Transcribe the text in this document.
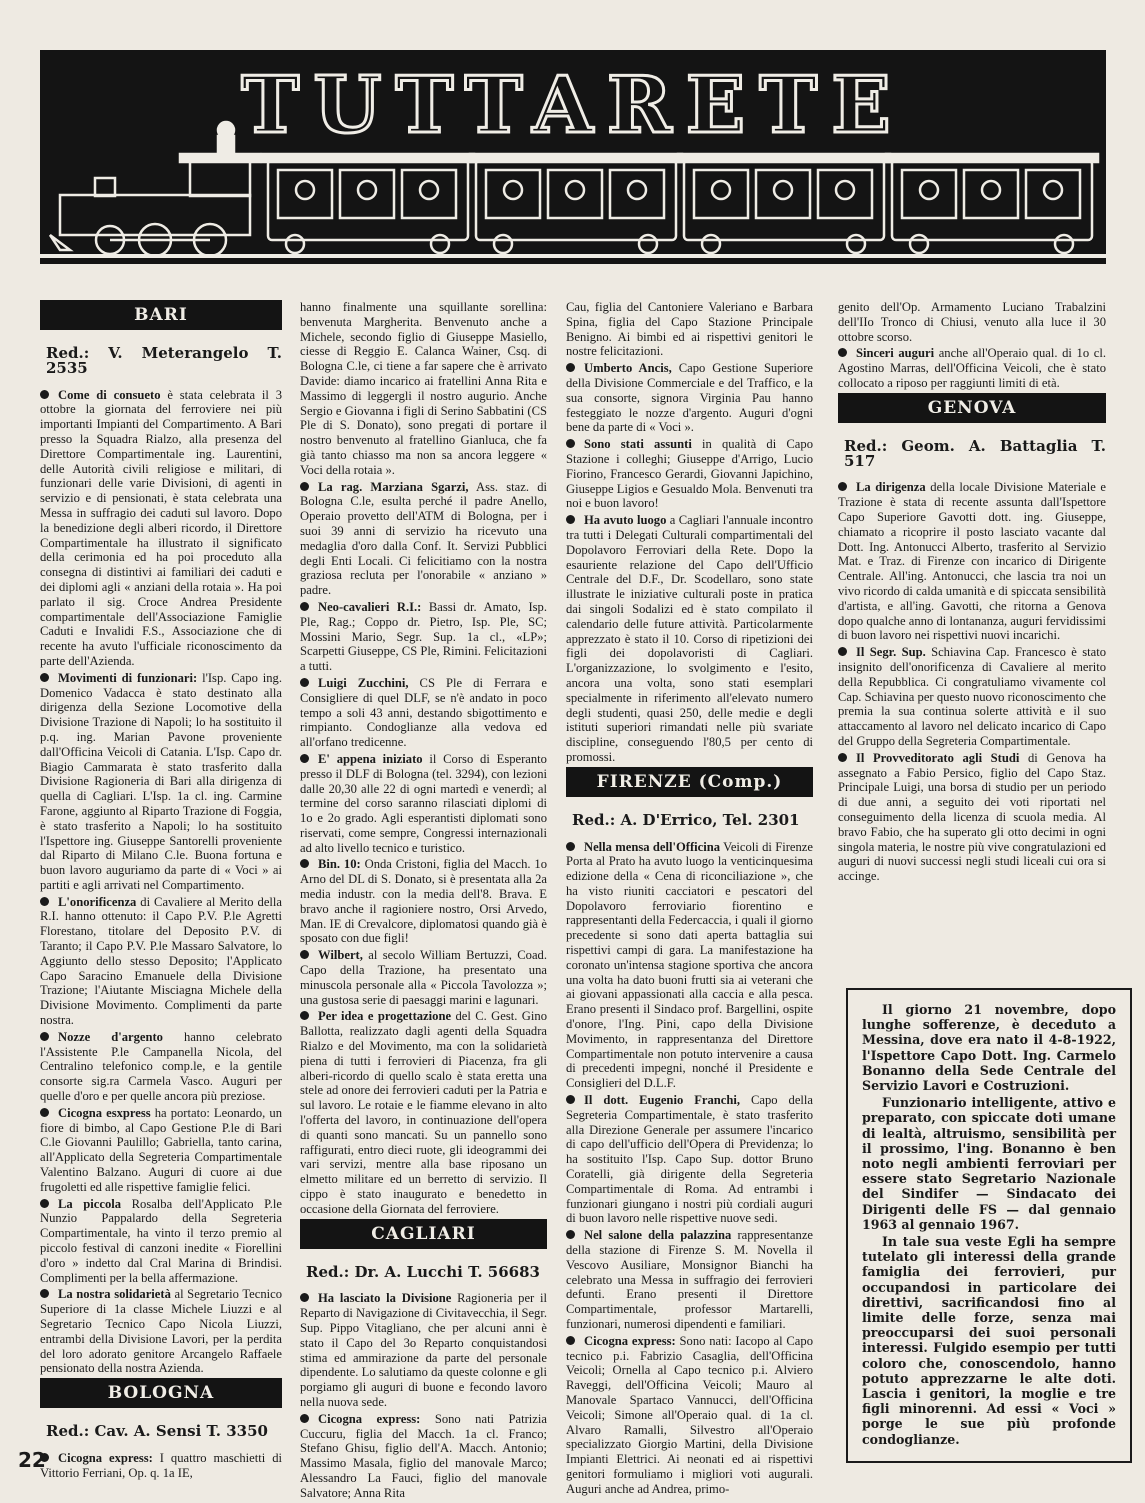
TUTTARETE
BARI
Red.: V. Meterangelo T. 2535

Come di consueto è stata celebrata il 3 ottobre la giornata del ferroviere nei più importanti Impianti del Compartimento. A Bari presso la Squadra Rialzo, alla presenza del Direttore Compartimentale ing. Laurentini, delle Autorità civili religiose e militari, di funzionari delle varie Divisioni, di agenti in servizio e di pensionati, è stata celebrata una Messa in suffragio dei caduti sul lavoro. Dopo la benedizione degli alberi ricordo, il Direttore Compartimentale ha illustrato il significato della cerimonia ed ha poi proceduto alla consegna di distintivi ai familiari dei caduti e dei diplomi agli « anziani della rotaia ». Ha poi parlato il sig. Croce Andrea Presidente compartimentale dell'Associazione Famiglie Caduti e Invalidi F.S., Associazione che di recente ha avuto l'ufficiale riconoscimento da parte dell'Azienda.

Movimenti di funzionari: l'Isp. Capo ing. Domenico Vadacca è stato destinato alla dirigenza della Sezione Locomotive della Divisione Trazione di Napoli; lo ha sostituito il p.q. ing. Marian Pavone proveniente dall'Officina Veicoli di Catania. L'Isp. Capo dr. Biagio Cammarata è stato trasferito dalla Divisione Ragioneria di Bari alla dirigenza di quella di Cagliari. L'Isp. 1a cl. ing. Carmine Farone, aggiunto al Riparto Trazione di Foggia, è stato trasferito a Napoli; lo ha sostituito l'Ispettore ing. Giuseppe Santorelli proveniente dal Riparto di Milano C.le. Buona fortuna e buon lavoro auguriamo da parte di « Voci » ai partiti e agli arrivati nel Compartimento.

L'onorificenza di Cavaliere al Merito della R.I. hanno ottenuto: il Capo P.V. P.le Agretti Florestano, titolare del Deposito P.V. di Taranto; il Capo P.V. P.le Massaro Salvatore, lo Aggiunto dello stesso Deposito; l'Applicato Capo Saracino Emanuele della Divisione Trazione; l'Aiutante Misciagna Michele della Divisione Movimento. Complimenti da parte nostra.

Nozze d'argento hanno celebrato l'Assistente P.le Campanella Nicola, del Centralino telefonico comp.le, e la gentile consorte sig.ra Carmela Vasco. Auguri per quelle d'oro e per quelle ancora più preziose.

Cicogna esxpress ha portato: Leonardo, un fiore di bimbo, al Capo Gestione P.le di Bari C.le Giovanni Paulillo; Gabriella, tanto carina, all'Applicato della Segreteria Compartimentale Valentino Balzano. Auguri di cuore ai due frugoletti ed alle rispettive famiglie felici.

La piccola Rosalba dell'Applicato P.le Nunzio Pappalardo della Segreteria Compartimentale, ha vinto il terzo premio al piccolo festival di canzoni inedite « Fiorellini d'oro » indetto dal Cral Marina di Brindisi. Complimenti per la bella affermazione.

La nostra solidarietà al Segretario Tecnico Superiore di 1a classe Michele Liuzzi e al Segretario Tecnico Capo Nicola Liuzzi, entrambi della Divisione Lavori, per la perdita del loro adorato genitore Arcangelo Raffaele pensionato della nostra Azienda.

BOLOGNA
Red.: Cav. A. Sensi T. 3350

Cicogna express: I quattro maschietti di Vittorio Ferriani, Op. q. 1a IE,

hanno finalmente una squillante sorellina: benvenuta Margherita. Benvenuto anche a Michele, secondo figlio di Giuseppe Masiello, ciesse di Reggio E. Calanca Wainer, Csq. di Bologna C.le, ci tiene a far sapere che è arrivato Davide: diamo incarico ai fratellini Anna Rita e Massimo di leggergli il nostro augurio. Anche Sergio e Giovanna i figli di Serino Sabbatini (CS Ple di S. Donato), sono pregati di portare il nostro benvenuto al fratellino Gianluca, che fa già tanto chiasso ma non sa ancora leggere « Voci della rotaia ».

La rag. Marziana Sgarzi, Ass. staz. di Bologna C.le, esulta perché il padre Anello, Operaio provetto dell'ATM di Bologna, per i suoi 39 anni di servizio ha ricevuto una medaglia d'oro dalla Conf. It. Servizi Pubblici degli Enti Locali. Ci felicitiamo con la nostra graziosa recluta per l'onorabile « anziano » padre.

Neo-cavalieri R.I.: Bassi dr. Amato, Isp. Ple, Rag.; Coppo dr. Pietro, Isp. Ple, SC; Mossini Mario, Segr. Sup. 1a cl., «LP»; Scarpetti Giuseppe, CS Ple, Rimini. Felicitazioni a tutti.

Luigi Zucchini, CS Ple di Ferrara e Consigliere di quel DLF, se n'è andato in poco tempo a soli 43 anni, destando sbigottimento e rimpianto. Condoglianze alla vedova ed all'orfano tredicenne.

E' appena iniziato il Corso di Esperanto presso il DLF di Bologna (tel. 3294), con lezioni dalle 20,30 alle 22 di ogni martedì e venerdì; al termine del corso saranno rilasciati diplomi di 1o e 2o grado. Agli esperantisti diplomati sono riservati, come sempre, Congressi internazionali ad alto livello tecnico e turistico.

Bin. 10: Onda Cristoni, figlia del Macch. 1o Arno del DL di S. Donato, si è presentata alla 2a media industr. con la media dell'8. Brava. E bravo anche il ragioniere nostro, Orsi Arvedo, Man. IE di Crevalcore, diplomatosi quando già è sposato con due figli!

Wilbert, al secolo William Bertuzzi, Coad. Capo della Trazione, ha presentato una minuscola personale alla « Piccola Tavolozza »; una gustosa serie di paesaggi marini e lagunari.

Per idea e progettazione del C. Gest. Gino Ballotta, realizzato dagli agenti della Squadra Rialzo e del Movimento, ma con la solidarietà piena di tutti i ferrovieri di Piacenza, fra gli alberi-ricordo di quello scalo è stata eretta una stele ad onore dei ferrovieri caduti per la Patria e sul lavoro. Le rotaie e le fiamme elevano in alto l'offerta del lavoro, in continuazione dell'opera di quanti sono mancati. Su un pannello sono raffigurati, entro dieci ruote, gli ideogrammi dei vari servizi, mentre alla base riposano un elmetto militare ed un berretto di servizio. Il cippo è stato inaugurato e benedetto in occasione della Giornata del ferroviere.

CAGLIARI
Red.: Dr. A. Lucchi T. 56683

Ha lasciato la Divisione Ragioneria per il Reparto di Navigazione di Civitavecchia, il Segr. Sup. Pippo Vitagliano, che per alcuni anni è stato il Capo del 3o Reparto conquistandosi stima ed ammirazione da parte del personale dipendente. Lo salutiamo da queste colonne e gli porgiamo gli auguri di buone e fecondo lavoro nella nuova sede.

Cicogna express: Sono nati Patrizia Cuccuru, figlia del Macch. 1a cl. Franco; Stefano Ghisu, figlio dell'A. Macch. Antonio; Massimo Masala, figlio del manovale Marco; Alessandro La Fauci, figlio del manovale Salvatore; Anna Rita

Cau, figlia del Cantoniere Valeriano e Barbara Spina, figlia del Capo Stazione Principale Benigno. Ai bimbi ed ai rispettivi genitori le nostre felicitazioni.

Umberto Ancis, Capo Gestione Superiore della Divisione Commerciale e del Traffico, e la sua consorte, signora Virginia Pau hanno festeggiato le nozze d'argento. Auguri d'ogni bene da parte di « Voci ».

Sono stati assunti in qualità di Capo Stazione i colleghi; Giuseppe d'Arrigo, Lucio Fiorino, Francesco Gerardi, Giovanni Japichino, Giuseppe Ligios e Gesualdo Mola. Benvenuti tra noi e buon lavoro!

Ha avuto luogo a Cagliari l'annuale incontro tra tutti i Delegati Culturali compartimentali del Dopolavoro Ferroviari della Rete. Dopo la esauriente relazione del Capo dell'Ufficio Centrale del D.F., Dr. Scodellaro, sono state illustrate le iniziative culturali poste in pratica dai singoli Sodalizi ed è stato compilato il calendario delle future attività. Particolarmente apprezzato è stato il 10. Corso di ripetizioni dei figli dei dopolavoristi di Cagliari. L'organizzazione, lo svolgimento e l'esito, ancora una volta, sono stati esemplari specialmente in riferimento all'elevato numero degli studenti, quasi 250, delle medie e degli istituti superiori rimandati nelle più svariate discipline, conseguendo l'80,5 per cento di promossi.

FIRENZE (Comp.)
Red.: A. D'Errico, Tel. 2301

Nella mensa dell'Officina Veicoli di Firenze Porta al Prato ha avuto luogo la venticinquesima edizione della « Cena di riconciliazione », che ha visto riuniti cacciatori e pescatori del Dopolavoro ferroviario fiorentino e rappresentanti della Federcaccia, i quali il giorno precedente si sono dati aperta battaglia sui rispettivi campi di gara. La manifestazione ha coronato un'intensa stagione sportiva che ancora una volta ha dato buoni frutti sia ai veterani che ai giovani appassionati alla caccia e alla pesca. Erano presenti il Sindaco prof. Bargellini, ospite d'onore, l'Ing. Pini, capo della Divisione Movimento, in rappresentanza del Direttore Compartimentale non potuto intervenire a causa di precedenti impegni, nonché il Presidente e Consiglieri del D.L.F.

Il dott. Eugenio Franchi, Capo della Segreteria Compartimentale, è stato trasferito alla Direzione Generale per assumere l'incarico di capo dell'ufficio dell'Opera di Previdenza; lo ha sostituito l'Isp. Capo Sup. dottor Bruno Coratelli, già dirigente della Segreteria Compartimentale di Roma. Ad entrambi i funzionari giungano i nostri più cordiali auguri di buon lavoro nelle rispettive nuove sedi.

Nel salone della palazzina rappresentanze della stazione di Firenze S. M. Novella il Vescovo Ausiliare, Monsignor Bianchi ha celebrato una Messa in suffragio dei ferrovieri defunti. Erano presenti il Direttore Compartimentale, professor Martarelli, funzionari, numerosi dipendenti e familiari.

Cicogna express: Sono nati: Iacopo al Capo tecnico p.i. Fabrizio Casaglia, dell'Officina Veicoli; Ornella al Capo tecnico p.i. Alviero Raveggi, dell'Officina Veicoli; Mauro al Manovale Spartaco Vannucci, dell'Officina Veicoli; Simone all'Operaio qual. di 1a cl. Alvaro Ramalli, Silvestro all'Operaio specializzato Giorgio Martini, della Divisione Impianti Elettrici. Ai neonati ed ai rispettivi genitori formuliamo i migliori voti augurali. Auguri anche ad Andrea, primo-

genito dell'Op. Armamento Luciano Trabalzini dell'IIo Tronco di Chiusi, venuto alla luce il 30 ottobre scorso.

Sinceri auguri anche all'Operaio qual. di 1o cl. Agostino Marras, dell'Officina Veicoli, che è stato collocato a riposo per raggiunti limiti di età.

GENOVA
Red.: Geom. A. Battaglia T. 517

La dirigenza della locale Divisione Materiale e Trazione è stata di recente assunta dall'Ispettore Capo Superiore Gavotti dott. ing. Giuseppe, chiamato a ricoprire il posto lasciato vacante dal Dott. Ing. Antonucci Alberto, trasferito al Servizio Mat. e Traz. di Firenze con incarico di Dirigente Centrale. All'ing. Antonucci, che lascia tra noi un vivo ricordo di calda umanità e di spiccata sensibilità d'artista, e all'ing. Gavotti, che ritorna a Genova dopo qualche anno di lontananza, auguri fervidissimi di buon lavoro nei rispettivi nuovi incarichi.

Il Segr. Sup. Schiavina Cap. Francesco è stato insignito dell'onorificenza di Cavaliere al merito della Repubblica. Ci congratuliamo vivamente col Cap. Schiavina per questo nuovo riconoscimento che premia la sua continua solerte attività e il suo attaccamento al lavoro nel delicato incarico di Capo del Gruppo della Segreteria Compartimentale.

Il Provveditorato agli Studi di Genova ha assegnato a Fabio Persico, figlio del Capo Staz. Principale Luigi, una borsa di studio per un periodo di due anni, a seguito dei voti riportati nel conseguimento della licenza di scuola media. Al bravo Fabio, che ha superato gli otto decimi in ogni singola materia, le nostre più vive congratulazioni ed auguri di nuovi successi negli studi liceali cui ora si accinge.

Il giorno 21 novembre, dopo lunghe sofferenze, è deceduto a Messina, dove era nato il 4-8-1922, l'Ispettore Capo Dott. Ing. Carmelo Bonanno della Sede Centrale del Servizio Lavori e Costruzioni.

Funzionario intelligente, attivo e preparato, con spiccate doti umane di lealtà, altruismo, sensibilità per il prossimo, l'ing. Bonanno è ben noto negli ambienti ferroviari per essere stato Segretario Nazionale del Sindifer — Sindacato dei Dirigenti delle FS — dal gennaio 1963 al gennaio 1967.

In tale sua veste Egli ha sempre tutelato gli interessi della grande famiglia dei ferrovieri, pur occupandosi in particolare dei direttivi, sacrificandosi fino al limite delle forze, senza mai preoccuparsi dei suoi personali interessi. Fulgido esempio per tutti coloro che, conoscendolo, hanno potuto apprezzarne le alte doti. Lascia i genitori, la moglie e tre figli minorenni. Ad essi « Voci » porge le sue più profonde condoglianze.

22
